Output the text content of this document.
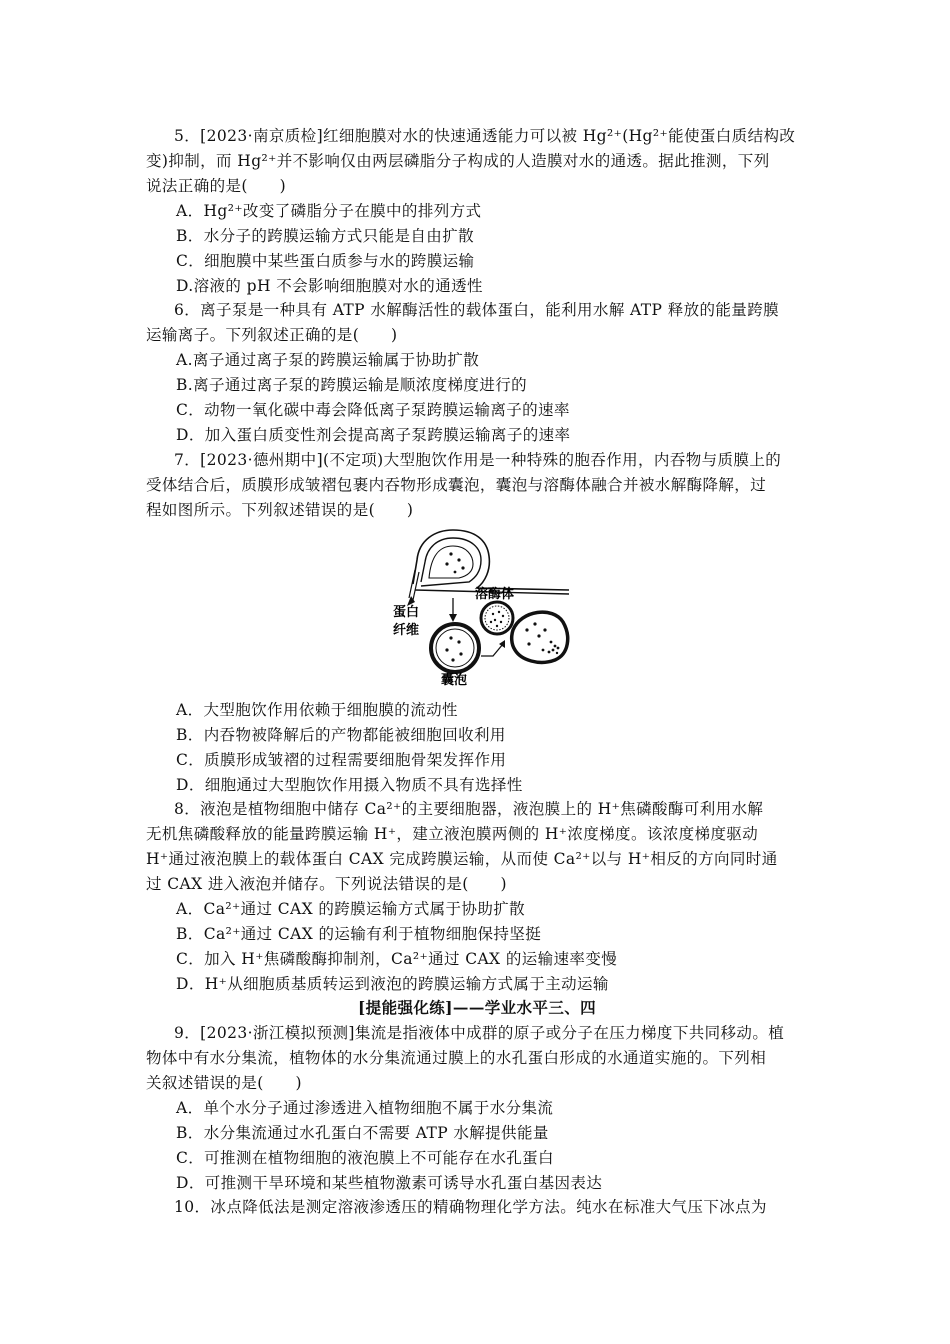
5．[2023·南京质检]红细胞膜对水的快速通透能力可以被 Hg²⁺(Hg²⁺能使蛋白质结构改
变)抑制，而 Hg²⁺并不影响仅由两层磷脂分子构成的人造膜对水的通透。据此推测，下列
说法正确的是(　　)
A．Hg²⁺改变了磷脂分子在膜中的排列方式
B．水分子的跨膜运输方式只能是自由扩散
C．细胞膜中某些蛋白质参与水的跨膜运输
D.溶液的 pH 不会影响细胞膜对水的通透性
6．离子泵是一种具有 ATP 水解酶活性的载体蛋白，能利用水解 ATP 释放的能量跨膜
运输离子。下列叙述正确的是(　　)
A.离子通过离子泵的跨膜运输属于协助扩散
B.离子通过离子泵的跨膜运输是顺浓度梯度进行的
C．动物一氧化碳中毒会降低离子泵跨膜运输离子的速率
D．加入蛋白质变性剂会提高离子泵跨膜运输离子的速率
7．[2023·德州期中](不定项)大型胞饮作用是一种特殊的胞吞作用，内吞物与质膜上的
受体结合后，质膜形成皱褶包裹内吞物形成囊泡，囊泡与溶酶体融合并被水解酶降解，过
程如图所示。下列叙述错误的是(　　)
蛋白
纤维
溶酶体
囊泡
A．大型胞饮作用依赖于细胞膜的流动性
B．内吞物被降解后的产物都能被细胞回收利用
C．质膜形成皱褶的过程需要细胞骨架发挥作用
D．细胞通过大型胞饮作用摄入物质不具有选择性
8．液泡是植物细胞中储存 Ca²⁺的主要细胞器，液泡膜上的 H⁺焦磷酸酶可利用水解
无机焦磷酸释放的能量跨膜运输 H⁺，建立液泡膜两侧的 H⁺浓度梯度。该浓度梯度驱动
H⁺通过液泡膜上的载体蛋白 CAX 完成跨膜运输，从而使 Ca²⁺以与 H⁺相反的方向同时通
过 CAX 进入液泡并储存。下列说法错误的是(　　)
A．Ca²⁺通过 CAX 的跨膜运输方式属于协助扩散
B．Ca²⁺通过 CAX 的运输有利于植物细胞保持坚挺
C．加入 H⁺焦磷酸酶抑制剂，Ca²⁺通过 CAX 的运输速率变慢
D．H⁺从细胞质基质转运到液泡的跨膜运输方式属于主动运输
[提能强化练]——学业水平三、四
9．[2023·浙江模拟预测]集流是指液体中成群的原子或分子在压力梯度下共同移动。植
物体中有水分集流，植物体的水分集流通过膜上的水孔蛋白形成的水通道实施的。下列相
关叙述错误的是(　　)
A．单个水分子通过渗透进入植物细胞不属于水分集流
B．水分集流通过水孔蛋白不需要 ATP 水解提供能量
C．可推测在植物细胞的液泡膜上不可能存在水孔蛋白
D．可推测干旱环境和某些植物激素可诱导水孔蛋白基因表达
10．冰点降低法是测定溶液渗透压的精确物理化学方法。纯水在标准大气压下冰点为
